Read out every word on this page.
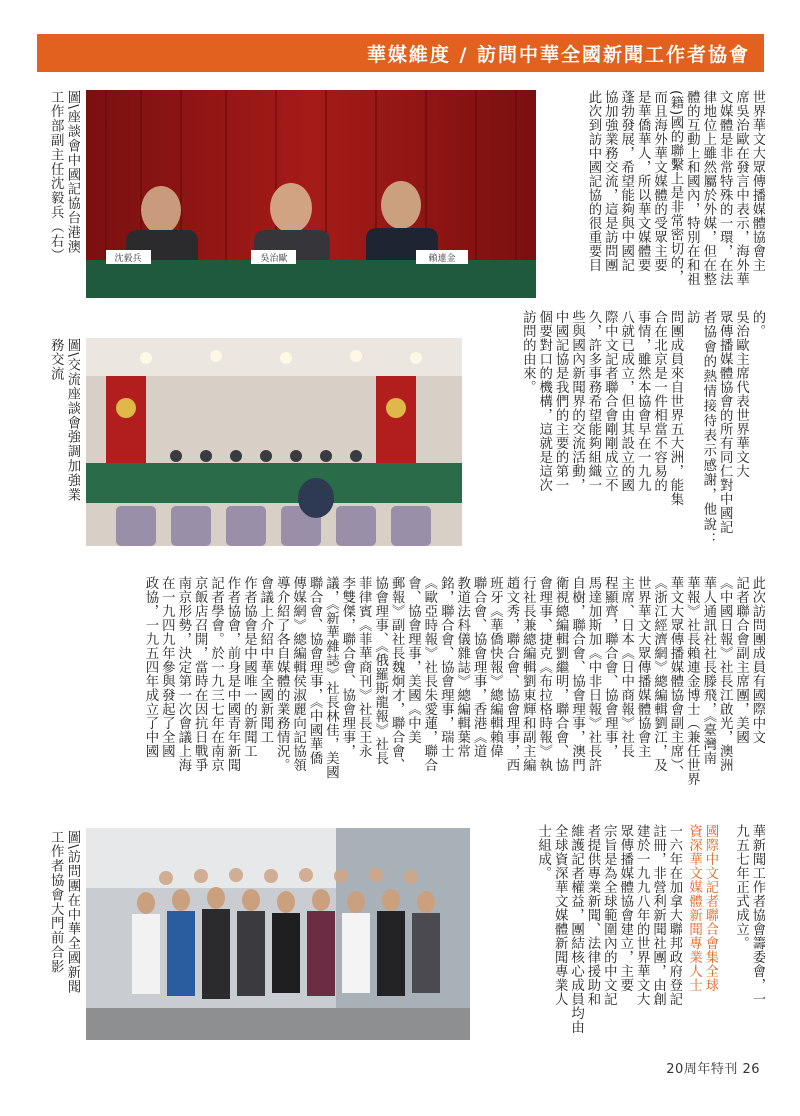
華媒維度 / 訪問中華全國新聞工作者協會
世界華文大眾傳播媒體協會主
席吳治歐在發言中表示，海外華
文媒體是非常特殊的一環，在法
律地位上雖然屬於外媒，但在整
體的互動上和國內，特別在和祖
(籍)國的聯繫上是非常密切的，
而且海外華文媒體的受眾主要
是華僑華人，所以華文媒體要
蓬勃發展，希望能夠與中國記
協加強業務交流，這是訪問團
此次到訪中國記協的很重要目
沈毅兵	吳治歐	賴連金
圖\座談會中國記協台港澳
工作部副主任沈毅兵（右）
的。
吳治歐主席代表世界華文大
眾傳播媒體協會的所有同仁對中國記
者協會的熱情接待表示感謝，他說：訪
問團成員來自世界五大洲，能集
合在北京是一件相當不容易的
事情，雖然本協會早在一九九
八就已成立，但由其設立的國
際中文記者聯合會剛剛成立不
久，許多事務希望能夠組織一
些與國內新聞界的交流活動，
中國記協是我們的主要的第一
個要對口的機構，這就是這次
訪問的由來。
圖\交流座談會強調加強業
務交流
此次訪問團成員有國際中文
記者聯合會副主席團，美國
《中國日報》社長江啟光，澳洲
華人通訊社社長滕飛，《臺灣南
華報》社長賴連金博士（兼任世界
華文大眾傳播媒體協會副主席）、
《浙江經濟網》總編輯劉江，及
世界華文大眾傳播媒體協會主
主席、日本《日中商報》社長
程顯齊，聯合會、協會理事，
馬達加斯加《中非日報》社長許
自樹，聯合會、協會理事，澳門
衛視總編輯劉繼明，聯合會、協
會理事、捷克《布拉格時報》執
行社長兼總編輯劉東輝和副主編
趙文秀，聯合會、協會理事，西
班牙《華僑快報》總編輯賴偉
聯合會、協會理事，香港《道
教道法科儀雜誌》總編輯葉常
銘，聯合會、協會理事，瑞士
《歐亞時報》社長朱愛蓮，聯合
會、協會理事，美國《中美
郵報》副社長魏炯才，聯合會、
協會理事、《俄羅斯龍報》社長
菲律賓《菲華商刊》社長王永
李雙傑，聯合會、協會理事，
議，《新華雜誌》社長林佳，美國
聯合會、協會理事，《中國華僑
傳媒網》總編輯侯淑麗向記協領
導介紹了各自媒體的業務情況。
會議上介紹中華全國新聞工
作者協會是中國唯一的新聞工
作者協會，前身是中國青年新聞
記者學會。於一九三七年在南京
京飯店召開，當時在因抗日戰爭
南京形勢，決定第一次會議上海
在一九四九年參與發起了全國
政協，一九五四年成立了中國
華新聞工作者協會籌委會，一
九五七年正式成立。
國際中文記者聯合會集全球
資深華文媒體新聞專業人士
一六年在加拿大聯邦政府登記
註冊，非營利新聞社團，由創
建於一九九八年的世界華文大
眾傳播媒體協會建立，主要
宗旨是為全球範圍內的中文記
者提供專業新聞、法律援助和
維護記者權益，團結核心成員均由
全球資深華文媒體新聞專業人
士組成。
圖\訪問團在中華全國新聞
工作者協會大門前合影
20周年特刊 26
